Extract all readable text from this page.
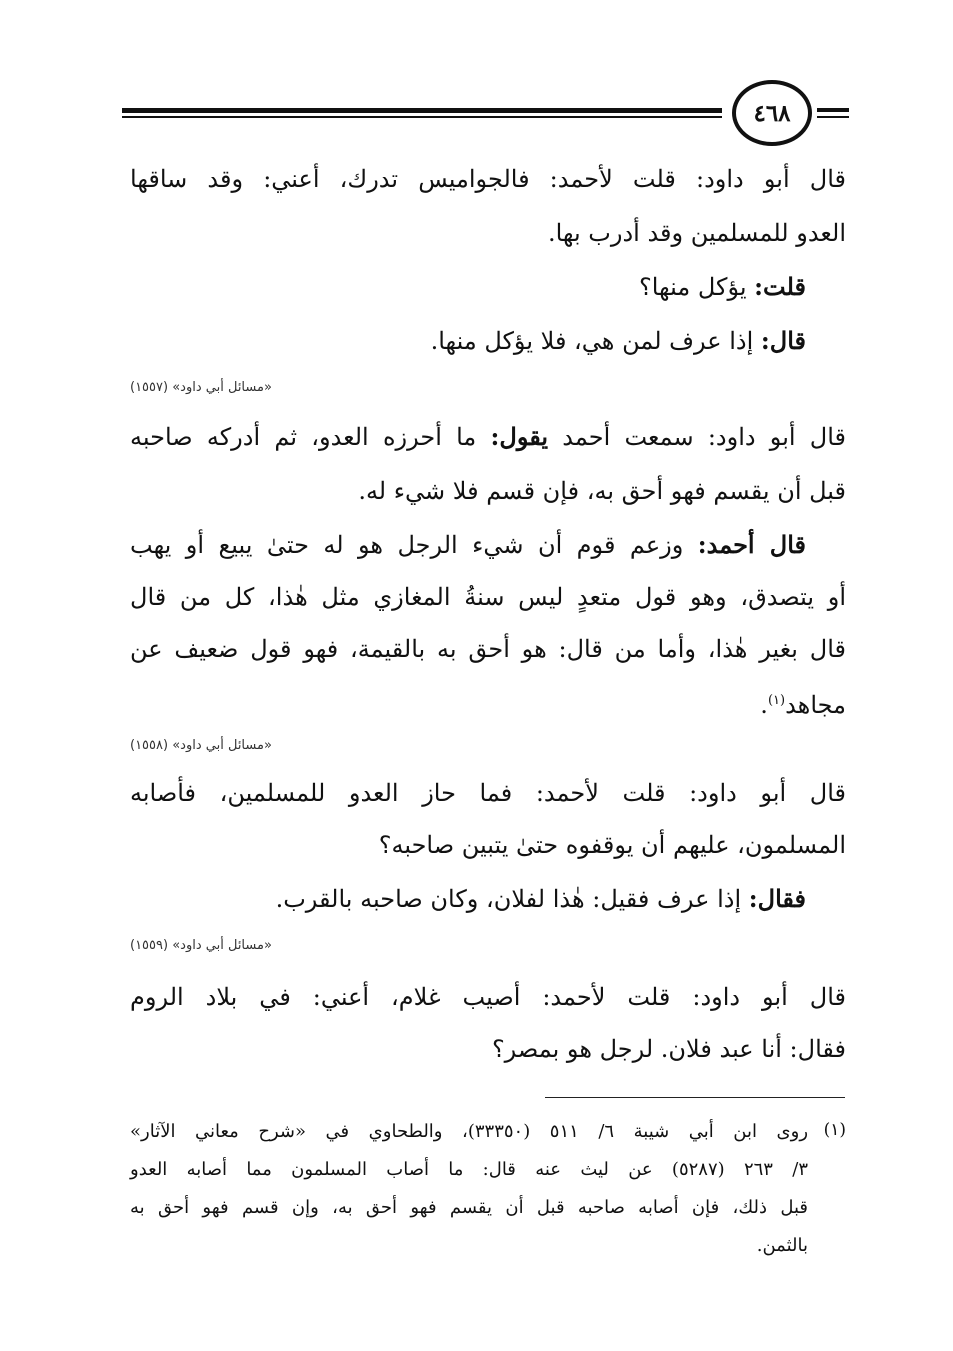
٤٦٨
قال أبو داود: قلت لأحمد: فالجواميس تدرك، أعني: وقد ساقها
العدو للمسلمين وقد أدرب بها.
قلت: يؤكل منها؟
قال: إذا عرف لمن هي، فلا يؤكل منها.
«مسائل أبي داود» (١٥٥٧)
قال أبو داود: سمعت أحمد يقول: ما أحرزه العدو، ثم أدركه صاحبه
قبل أن يقسم فهو أحق به، فإن قسم فلا شيء له.
قال أحمد: وزعم قوم أن شيء الرجل هو له حتىٰ يبيع أو يهب
أو يتصدق، وهو قول متعدٍ ليس سنةُ المغازي مثل هٰذا، كل من قال
قال بغير هٰذا، وأما من قال: هو أحق به بالقيمة، فهو قول ضعيف عن
مجاهد$^{(١)}$.
«مسائل أبي داود» (١٥٥٨)
قال أبو داود: قلت لأحمد: فما حاز العدو للمسلمين، فأصابه
المسلمون، عليهم أن يوقفوه حتىٰ يتبين صاحبه؟
فقال: إذا عرف فقيل: هٰذا لفلان، وكان صاحبه بالقرب.
«مسائل أبي داود» (١٥٥٩)
قال أبو داود: قلت لأحمد: أصيب غلام، أعني: في بلاد الروم
فقال: أنا عبد فلان. لرجل هو بمصر؟
(١)
روى ابن أبي شيبة ٦/ ٥١١ (٣٣٣٥٠)، والطحاوي في «شرح معاني الآثار»
٣/ ٢٦٣ (٥٢٨٧) عن ليث عنه قال: ما أصاب المسلمون مما أصابه العدو
قبل ذلك، فإن أصابه صاحبه قبل أن يقسم فهو أحق به، وإن قسم فهو أحق به
بالثمن.
